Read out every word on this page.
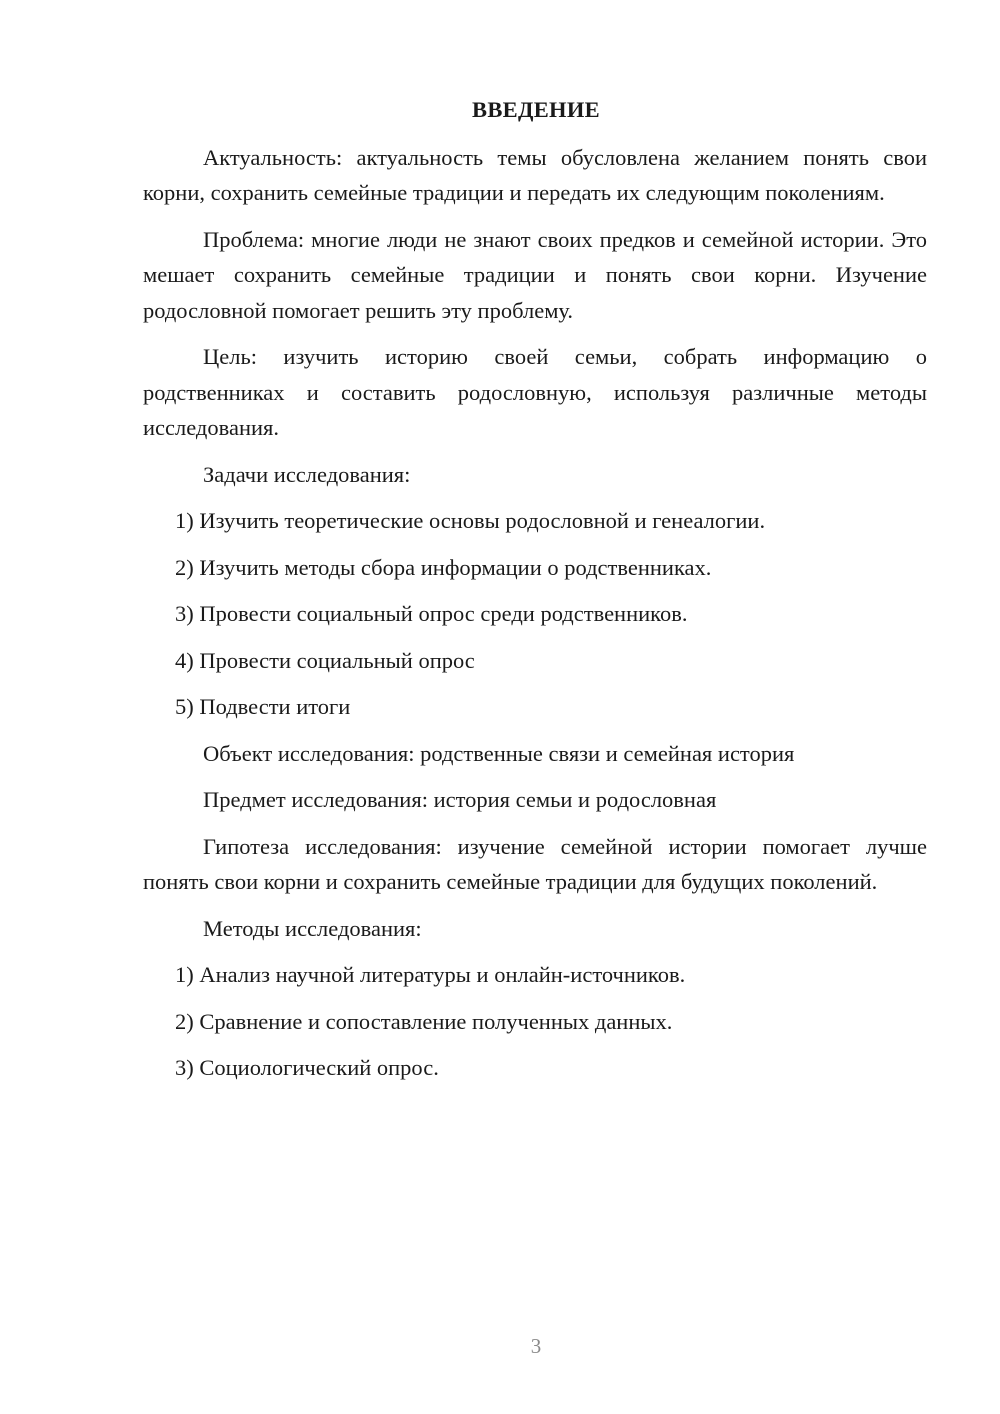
ВВЕДЕНИЕ

Актуальность: актуальность темы обусловлена желанием понять свои корни, сохранить семейные традиции и передать их следующим поколениям.

Проблема: многие люди не знают своих предков и семейной истории. Это мешает сохранить семейные традиции и понять свои корни. Изучение родословной помогает решить эту проблему.

Цель: изучить историю своей семьи, собрать информацию о родственниках и составить родословную, используя различные методы исследования.

Задачи исследования:

1) Изучить теоретические основы родословной и генеалогии.

2) Изучить методы сбора информации о родственниках.

3) Провести социальный опрос среди родственников.

4) Провести социальный опрос

5) Подвести итоги

Объект исследования: родственные связи и семейная история

Предмет исследования: история семьи и родословная

Гипотеза исследования: изучение семейной истории помогает лучше понять свои корни и сохранить семейные традиции для будущих поколений.

Методы исследования:

1) Анализ научной литературы и онлайн-источников.

2) Сравнение и сопоставление полученных данных.

3) Социологический опрос.

3
